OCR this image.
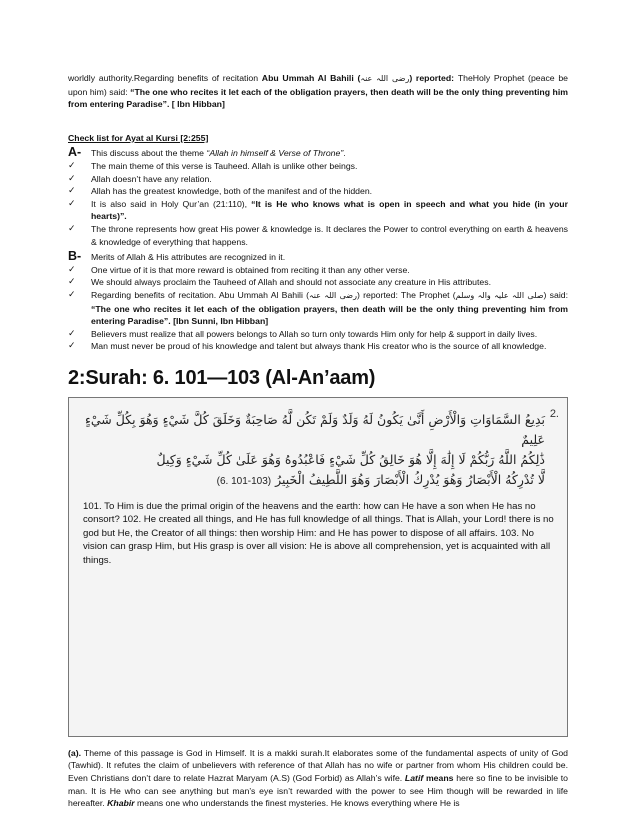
worldly authority.Regarding benefits of recitation Abu Ummah Al Bahili (رضی اللہ عنہ) reported: TheHoly Prophet (peace be upon him) said: “The one who recites it let each of the obligation prayers, then death will be the only thing preventing him from entering Paradise”. [ Ibn Hibban]

Check list for Ayat al Kursi [2:255]
A-	This discuss about the theme “Allah in himself & Verse of Throne”.
✓	The main theme of this verse is Tauheed. Allah is unlike other beings.
✓	Allah doesn’t have any relation.
✓	Allah has the greatest knowledge, both of the manifest and of the hidden.
✓	It is also said in Holy Qur’an (21:110), “It is He who knows what is open in speech and what you hide (in your hearts)”.
✓	The throne represents how great His power & knowledge is. It declares the Power to control everything on earth & heavens & knowledge of everything that happens.
B-	Merits of Allah & His attributes are recognized in it.
✓	One virtue of it is that more reward is obtained from reciting it than any other verse.
✓	We should always proclaim the Tauheed of Allah and should not associate any creature in His attributes.
✓	Regarding benefits of recitation. Abu Ummah Al Bahili (رضی اللہ عنہ) reported: The Prophet (صلی اللہ علیہ والہ وسلم) said: “The one who recites it let each of the obligation prayers, then death will be the only thing preventing him from entering Paradise”. [Ibn Sunni, Ibn Hibban]
✓	Believers must realize that all powers belongs to Allah so turn only towards Him only for help & support in daily lives.
✓	Man must never be proud of his knowledge and talent but always thank His creator who is the source of all knowledge.
2:Surah: 6. 101—103 (Al-An’aam)
2.
بَدِيعُ السَّمَاوَاتِ وَالْأَرْضِ أَنَّىٰ يَكُونُ لَهُ وَلَدٌ وَلَمْ تَكُن لَّهُ صَاحِبَةٌ وَخَلَقَ كُلَّ شَيْءٍ وَهُوَ بِكُلِّ شَيْءٍ
عَلِيمٌ
ذَٰلِكُمُ اللَّهُ رَبُّكُمْ لَا إِلَٰهَ إِلَّا هُوَ خَالِقُ كُلِّ شَيْءٍ فَاعْبُدُوهُ وَهُوَ عَلَىٰ كُلِّ شَيْءٍ وَكِيلٌ
لَّا تُدْرِكُهُ الْأَبْصَارُ وَهُوَ يُدْرِكُ الْأَبْصَارَ وَهُوَ اللَّطِيفُ الْخَبِيرُ (6. 101-103)
101. To Him is due the primal origin of the heavens and the earth: how can He have a son when He has no consort? 102. He created all things, and He has full knowledge of all things. That is Allah, your Lord! there is no god but He, the Creator of all things: then worship Him: and He has power to dispose of all affairs. 103. No vision can grasp Him, but His grasp is over all vision: He is above all comprehension, yet is acquainted with all things.

(a). Theme of this passage is God in Himself. It is a makki surah.It elaborates some of the fundamental aspects of unity of God (Tawhid). It refutes the claim of unbelievers with reference of that Allah has no wife or partner from whom His children could be. Even Christians don’t dare to relate Hazrat Maryam (A.S) (God Forbid) as Allah’s wife. Latif means here so fine to be invisible to man. It is He who can see anything but man’s eye isn’t rewarded with the power to see Him though will be rewarded in life hereafter. Khabir means one who understands the finest mysteries. He knows everything where He is
